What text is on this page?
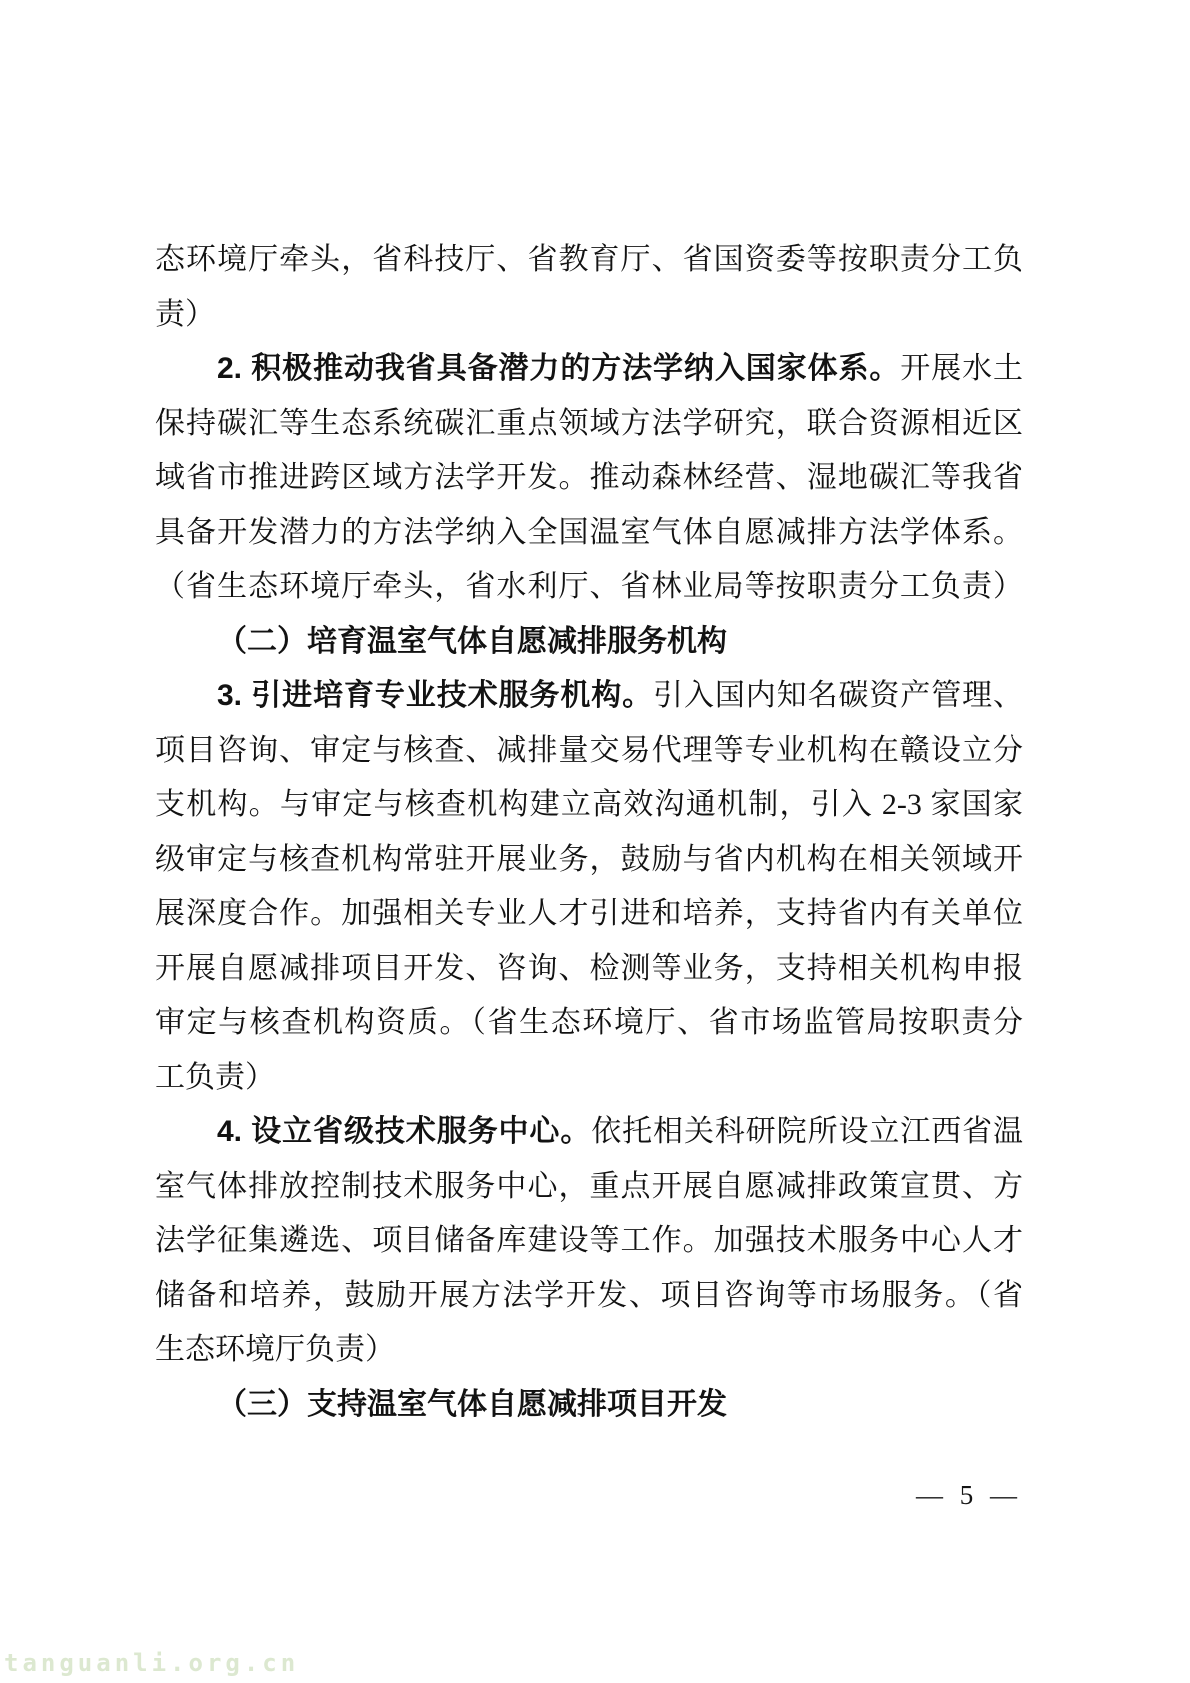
态环境厅牵头，省科技厅、省教育厅、省国资委等按职责分工负
责）
2. 积极推动我省具备潜力的方法学纳入国家体系。开展水土
保持碳汇等生态系统碳汇重点领域方法学研究，联合资源相近区
域省市推进跨区域方法学开发。推动森林经营、湿地碳汇等我省
具备开发潜力的方法学纳入全国温室气体自愿减排方法学体系。
（省生态环境厅牵头，省水利厅、省林业局等按职责分工负责）
（二）培育温室气体自愿减排服务机构
3. 引进培育专业技术服务机构。引入国内知名碳资产管理、
项目咨询、审定与核查、减排量交易代理等专业机构在赣设立分
支机构。与审定与核查机构建立高效沟通机制，引入 2-3 家国家
级审定与核查机构常驻开展业务，鼓励与省内机构在相关领域开
展深度合作。加强相关专业人才引进和培养，支持省内有关单位
开展自愿减排项目开发、咨询、检测等业务，支持相关机构申报
审定与核查机构资质。（省生态环境厅、省市场监管局按职责分
工负责）
4. 设立省级技术服务中心。依托相关科研院所设立江西省温
室气体排放控制技术服务中心，重点开展自愿减排政策宣贯、方
法学征集遴选、项目储备库建设等工作。加强技术服务中心人才
储备和培养，鼓励开展方法学开发、项目咨询等市场服务。（省
生态环境厅负责）
（三）支持温室气体自愿减排项目开发
— 5 —
tanguanli.org.cn
